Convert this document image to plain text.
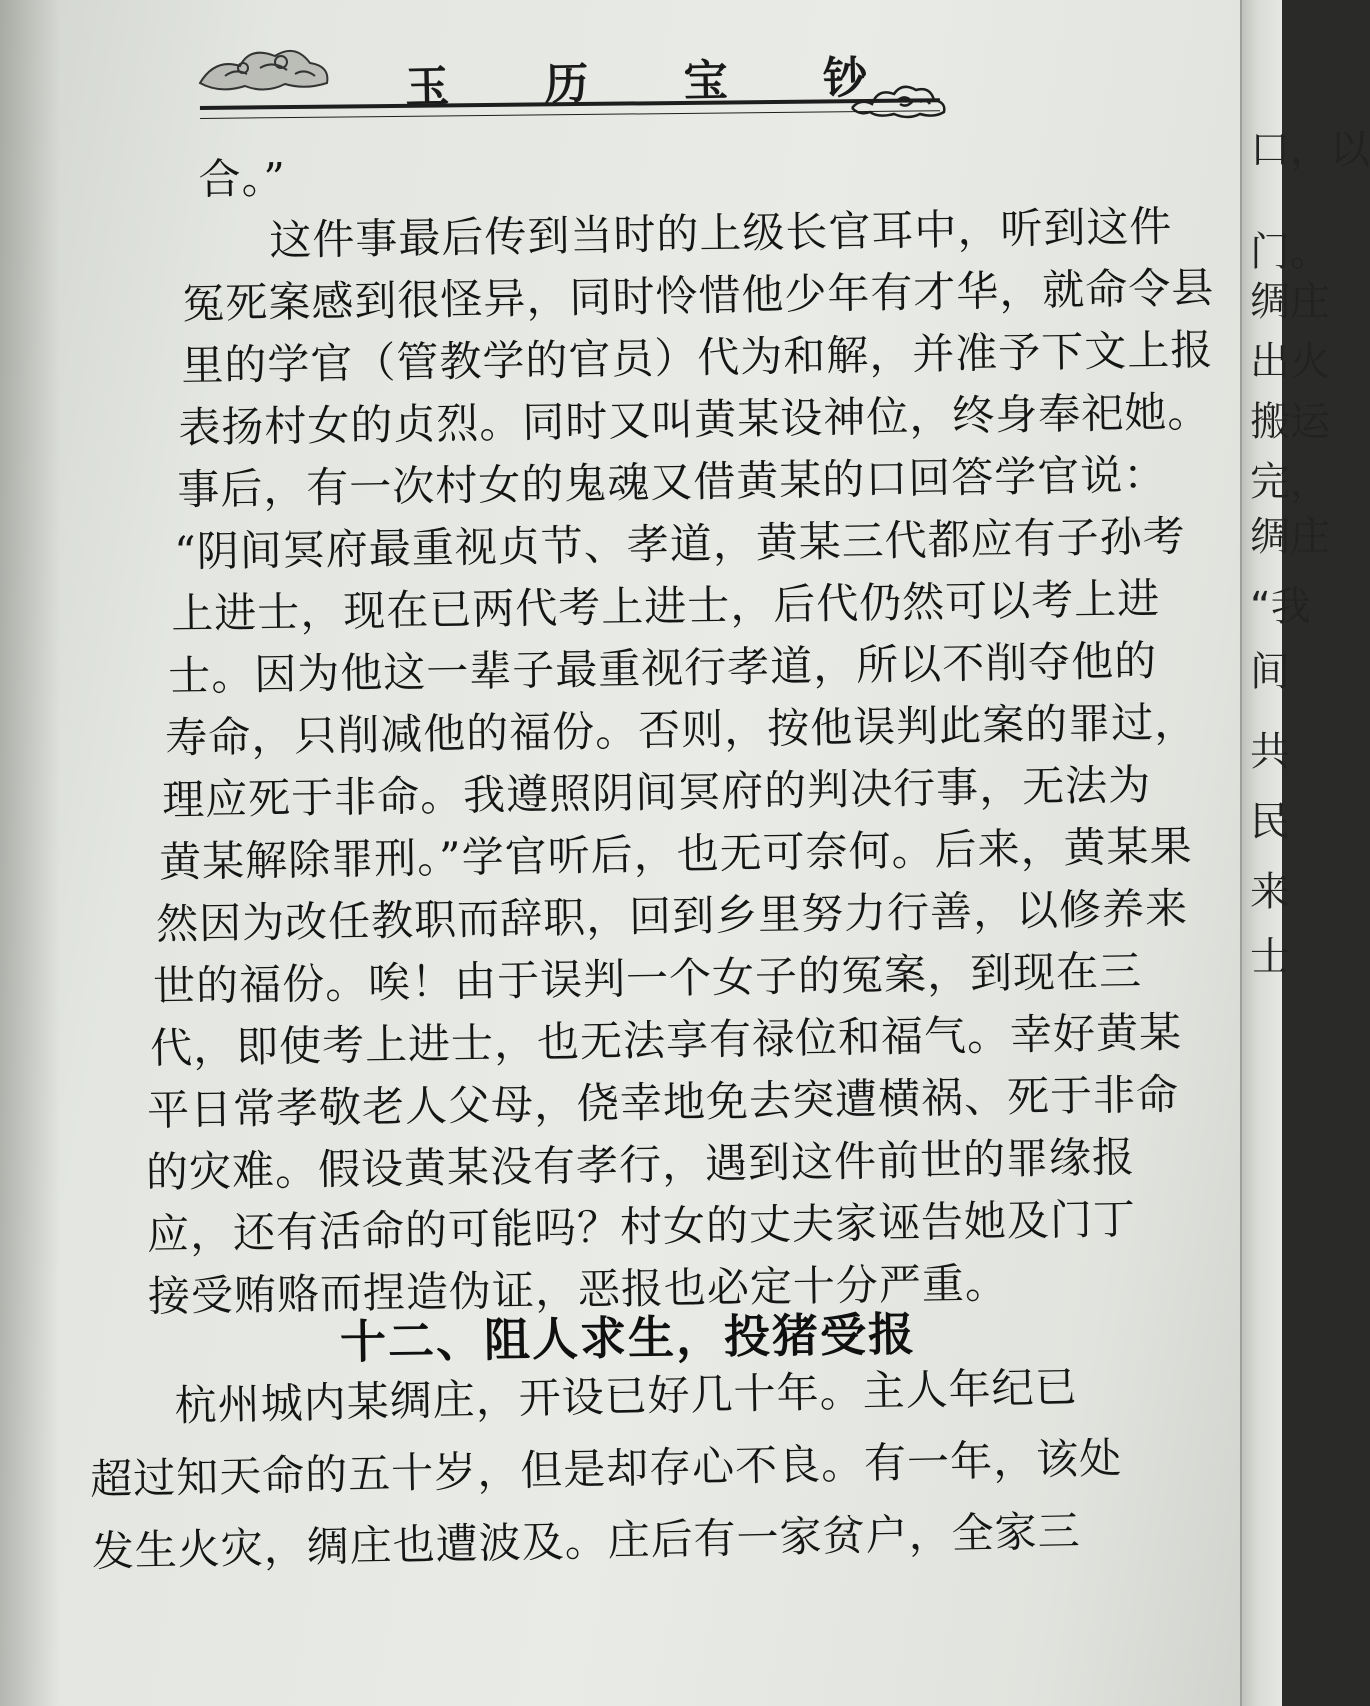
玉 历 宝 钞
合。”
　　这件事最后传到当时的上级长官耳中，听到这件
冤死案感到很怪异，同时怜惜他少年有才华，就命令县
里的学官（管教学的官员）代为和解，并准予下文上报
表扬村女的贞烈。同时又叫黄某设神位，终身奉祀她。
事后，有一次村女的鬼魂又借黄某的口回答学官说：
“阴间冥府最重视贞节、孝道，黄某三代都应有子孙考
上进士，现在已两代考上进士，后代仍然可以考上进
士。因为他这一辈子最重视行孝道，所以不削夺他的
寿命，只削减他的福份。否则，按他误判此案的罪过，
理应死于非命。我遵照阴间冥府的判决行事，无法为
黄某解除罪刑。”学官听后，也无可奈何。后来，黄某果
然因为改任教职而辞职，回到乡里努力行善，以修养来
世的福份。唉！由于误判一个女子的冤案，到现在三
代，即使考上进士，也无法享有禄位和福气。幸好黄某
平日常孝敬老人父母，侥幸地免去突遭横祸、死于非命
的灾难。假设黄某没有孝行，遇到这件前世的罪缘报
应，还有活命的可能吗？村女的丈夫家诬告她及门丁
接受贿赂而捏造伪证，恶报也必定十分严重。
十二、阻人求生，投猪受报
　　杭州城内某绸庄，开设已好几十年。主人年纪已
超过知天命的五十岁，但是却存心不良。有一年，该处
发生火灾，绸庄也遭波及。庄后有一家贫户，全家三
口，以
门。
绸庄
出火
搬运
完，
绸庄
“我
间
共
民
来
士
